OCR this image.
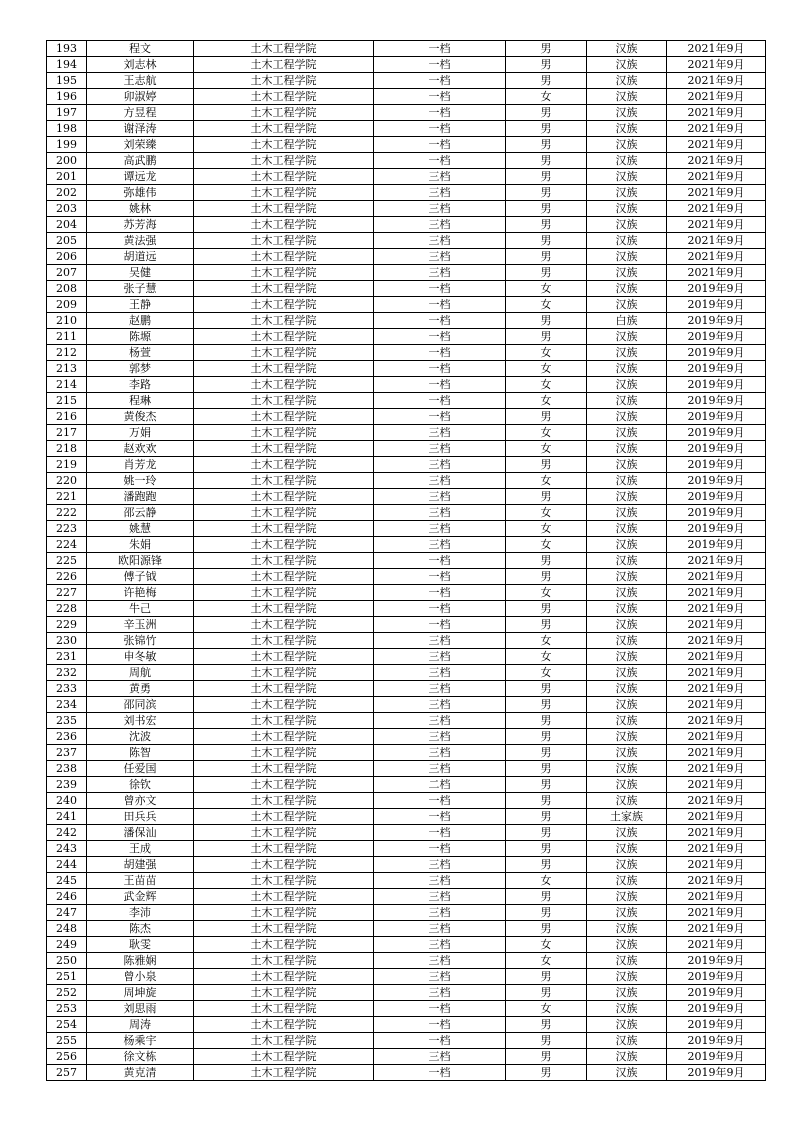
193	程文	土木工程学院	一档	男	汉族	2021年9月
194	刘志林	土木工程学院	一档	男	汉族	2021年9月
195	王志航	土木工程学院	一档	男	汉族	2021年9月
196	卯淑婷	土木工程学院	一档	女	汉族	2021年9月
197	方昱程	土木工程学院	一档	男	汉族	2021年9月
198	谢泽涛	土木工程学院	一档	男	汉族	2021年9月
199	刘荣臻	土木工程学院	一档	男	汉族	2021年9月
200	高武鹏	土木工程学院	一档	男	汉族	2021年9月
201	谭远龙	土木工程学院	三档	男	汉族	2021年9月
202	弥雄伟	土木工程学院	三档	男	汉族	2021年9月
203	姚林	土木工程学院	三档	男	汉族	2021年9月
204	苏芳海	土木工程学院	三档	男	汉族	2021年9月
205	黄法强	土木工程学院	三档	男	汉族	2021年9月
206	胡道远	土木工程学院	三档	男	汉族	2021年9月
207	吴健	土木工程学院	三档	男	汉族	2021年9月
208	张子慧	土木工程学院	一档	女	汉族	2019年9月
209	王静	土木工程学院	一档	女	汉族	2019年9月
210	赵鹏	土木工程学院	一档	男	白族	2019年9月
211	陈塬	土木工程学院	一档	男	汉族	2019年9月
212	杨萱	土木工程学院	一档	女	汉族	2019年9月
213	郭梦	土木工程学院	一档	女	汉族	2019年9月
214	李路	土木工程学院	一档	女	汉族	2019年9月
215	程琳	土木工程学院	一档	女	汉族	2019年9月
216	黄俊杰	土木工程学院	一档	男	汉族	2019年9月
217	万娟	土木工程学院	三档	女	汉族	2019年9月
218	赵欢欢	土木工程学院	三档	女	汉族	2019年9月
219	肖芳龙	土木工程学院	三档	男	汉族	2019年9月
220	姚一玲	土木工程学院	三档	女	汉族	2019年9月
221	潘跑跑	土木工程学院	三档	男	汉族	2019年9月
222	邵云静	土木工程学院	三档	女	汉族	2019年9月
223	姚慧	土木工程学院	三档	女	汉族	2019年9月
224	朱娟	土木工程学院	三档	女	汉族	2019年9月
225	欧阳源锋	土木工程学院	一档	男	汉族	2021年9月
226	傅子钺	土木工程学院	一档	男	汉族	2021年9月
227	许艳梅	土木工程学院	一档	女	汉族	2021年9月
228	牛己	土木工程学院	一档	男	汉族	2021年9月
229	辛玉洲	土木工程学院	一档	男	汉族	2021年9月
230	张锦竹	土木工程学院	三档	女	汉族	2021年9月
231	申冬敏	土木工程学院	三档	女	汉族	2021年9月
232	周航	土木工程学院	三档	女	汉族	2021年9月
233	黄勇	土木工程学院	三档	男	汉族	2021年9月
234	邵同滨	土木工程学院	三档	男	汉族	2021年9月
235	刘书宏	土木工程学院	三档	男	汉族	2021年9月
236	沈波	土木工程学院	三档	男	汉族	2021年9月
237	陈智	土木工程学院	三档	男	汉族	2021年9月
238	任爱国	土木工程学院	三档	男	汉族	2021年9月
239	徐钦	土木工程学院	二档	男	汉族	2021年9月
240	曾亦文	土木工程学院	一档	男	汉族	2021年9月
241	田兵兵	土木工程学院	一档	男	土家族	2021年9月
242	潘保汕	土木工程学院	一档	男	汉族	2021年9月
243	王成	土木工程学院	一档	男	汉族	2021年9月
244	胡建强	土木工程学院	三档	男	汉族	2021年9月
245	王苗苗	土木工程学院	三档	女	汉族	2021年9月
246	武金辉	土木工程学院	三档	男	汉族	2021年9月
247	李沛	土木工程学院	三档	男	汉族	2021年9月
248	陈杰	土木工程学院	三档	男	汉族	2021年9月
249	耿雯	土木工程学院	三档	女	汉族	2021年9月
250	陈雅娴	土木工程学院	三档	女	汉族	2019年9月
251	曾小泉	土木工程学院	三档	男	汉族	2019年9月
252	周坤旋	土木工程学院	三档	男	汉族	2019年9月
253	刘思雨	土木工程学院	一档	女	汉族	2019年9月
254	周涛	土木工程学院	一档	男	汉族	2019年9月
255	杨乘宇	土木工程学院	一档	男	汉族	2019年9月
256	徐文栋	土木工程学院	三档	男	汉族	2019年9月
257	黄克清	土木工程学院	一档	男	汉族	2019年9月
